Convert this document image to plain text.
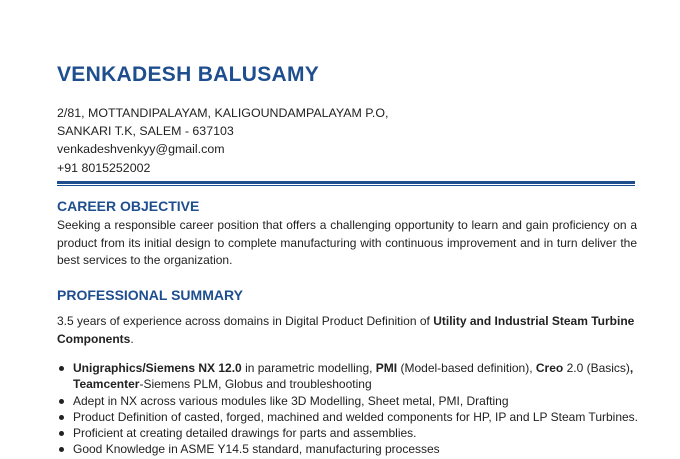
VENKADESH BALUSAMY
2/81, MOTTANDIPALAYAM, KALIGOUNDAMPALAYAM P.O,
SANKARI T.K, SALEM - 637103
venkadeshvenkyy@gmail.com
+91 8015252002
CAREER OBJECTIVE
Seeking a responsible career position that offers a challenging opportunity to learn and gain proficiency on a product from its initial design to complete manufacturing with continuous improvement and in turn deliver the best services to the organization.
PROFESSIONAL SUMMARY
3.5 years of experience across domains in Digital Product Definition of Utility and Industrial Steam Turbine Components.
Unigraphics/Siemens NX 12.0 in parametric modelling, PMI (Model-based definition), Creo 2.0 (Basics),
Teamcenter-Siemens PLM, Globus and troubleshooting
Adept in NX across various modules like 3D Modelling, Sheet metal, PMI, Drafting
Product Definition of casted, forged, machined and welded components for HP, IP and LP Steam Turbines.
Proficient at creating detailed drawings for parts and assemblies.
Good Knowledge in ASME Y14.5 standard, manufacturing processes
